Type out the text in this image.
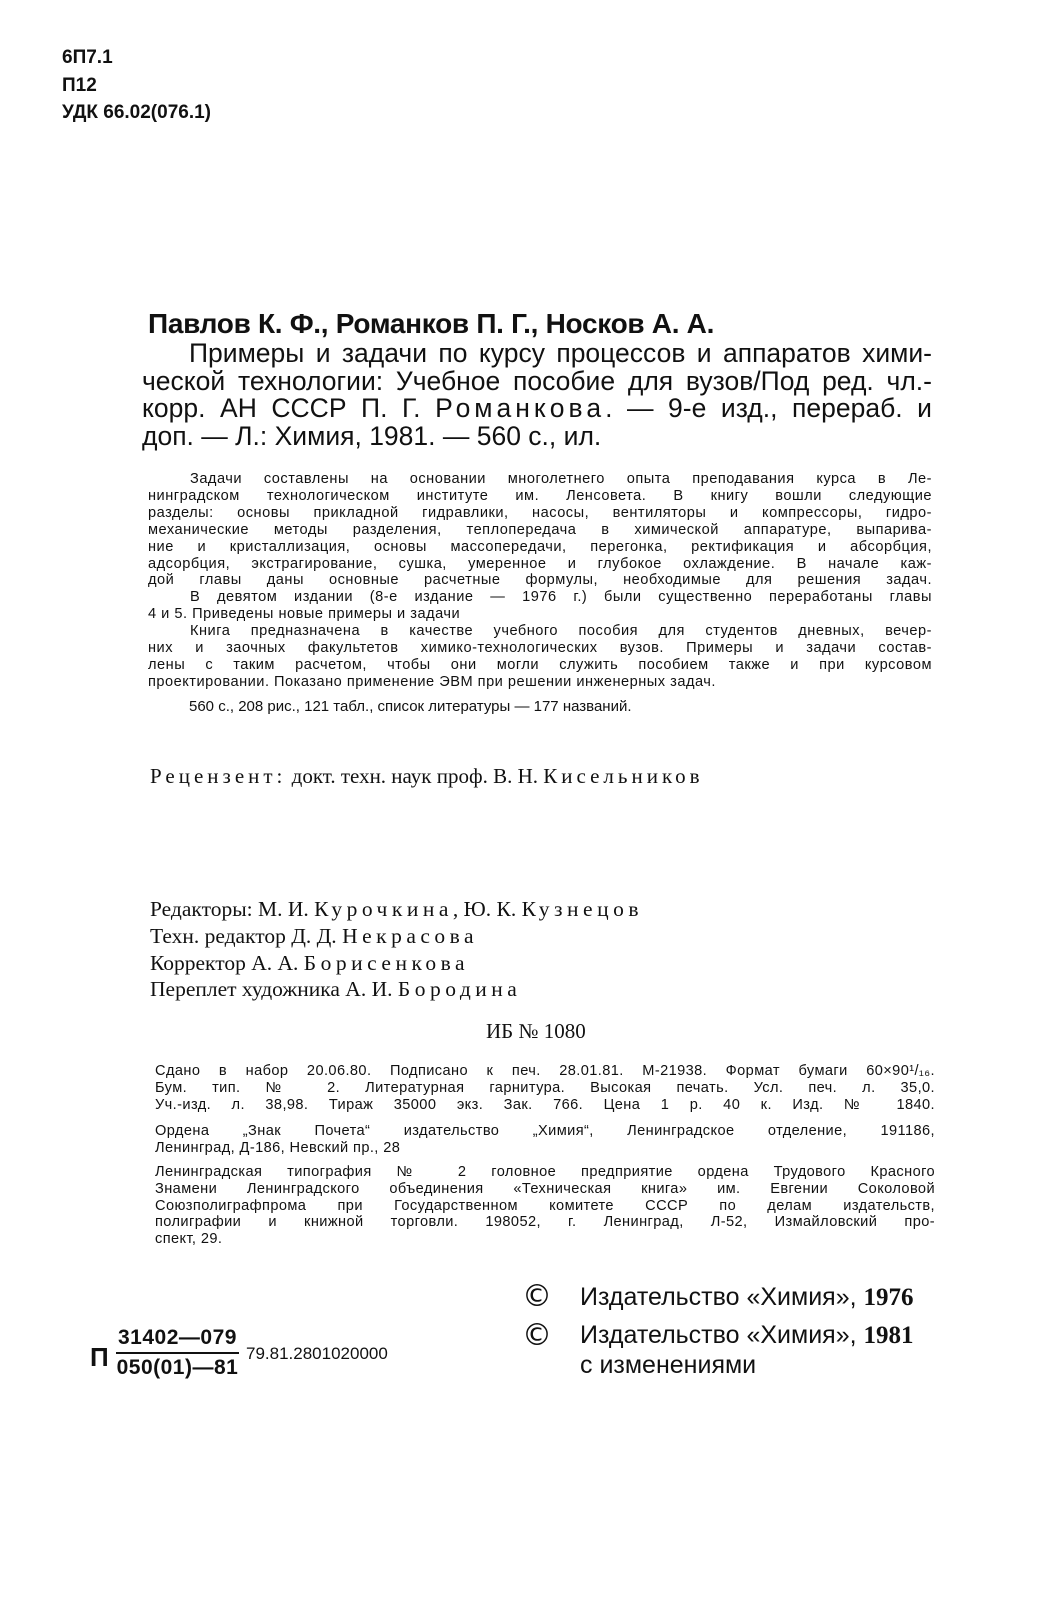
6П7.1
П12
УДК 66.02(076.1)
Павлов К. Ф., Романков П. Г., Носков А. А.
Примеры и задачи по курсу процессов и аппаратов хими-
ческой технологии: Учебное пособие для вузов/Под ред. чл.-
корр. АН СССР П. Г. Романкова. — 9-е изд., перераб. и
доп. — Л.: Химия, 1981. — 560 с., ил.
Задачи составлены на основании многолетнего опыта преподавания курса в Ле-
нинградском технологическом институте им. Ленсовета. В книгу вошли следующие
разделы: основы прикладной гидравлики, насосы, вентиляторы и компрессоры, гидро-
механические методы разделения, теплопередача в химической аппаратуре, выпарива-
ние и кристаллизация, основы массопередачи, перегонка, ректификация и абсорбция,
адсорбция, экстрагирование, сушка, умеренное и глубокое охлаждение. В начале каж-
дой главы даны основные расчетные формулы, необходимые для решения задач.
В девятом издании (8-е издание — 1976 г.) были существенно переработаны главы
4 и 5. Приведены новые примеры и задачи
Книга предназначена в качестве учебного пособия для студентов дневных, вечер-
них и заочных факультетов химико-технологических вузов. Примеры и задачи состав-
лены с таким расчетом, чтобы они могли служить пособием также и при курсовом
проектировании. Показано применение ЭВМ при решении инженерных задач.
560 с., 208 рис., 121 табл., список литературы — 177 названий.
Рецензент: докт. техн. наук проф. В. Н. Кисельников
Редакторы: М. И. Курочкина, Ю. К. Кузнецов
Техн. редактор Д. Д. Некрасова
Корректор А. А. Борисенкова
Переплет художника А. И. Бородина
ИБ № 1080
Сдано в набор 20.06.80. Подписано к печ. 28.01.81. М-21938. Формат бумаги 60×90¹/₁₆.
Бум. тип. № 2. Литературная гарнитура. Высокая печать. Усл. печ. л. 35,0.
Уч.-изд. л. 38,98. Тираж 35000 экз. Зак. 766. Цена 1 р. 40 к. Изд. № 1840.
Ордена „Знак Почета“ издательство „Химия“, Ленинградское отделение, 191186,
Ленинград, Д-186, Невский пр., 28
Ленинградская типография № 2 головное предприятие ордена Трудового Красного
Знамени Ленинградского объединения «Техническая книга» им. Евгении Соколовой
Союзполиграфпрома при Государственном комитете СССР по делам издательств,
полиграфии и книжной торговли. 198052, г. Ленинград, Л-52, Измайловский про-
спект, 29.
© Издательство «Химия», 1976
© Издательство «Химия», 1981
с изменениями
П $\frac{31402—079}{050(01)—81} 79.81.2801020000$
